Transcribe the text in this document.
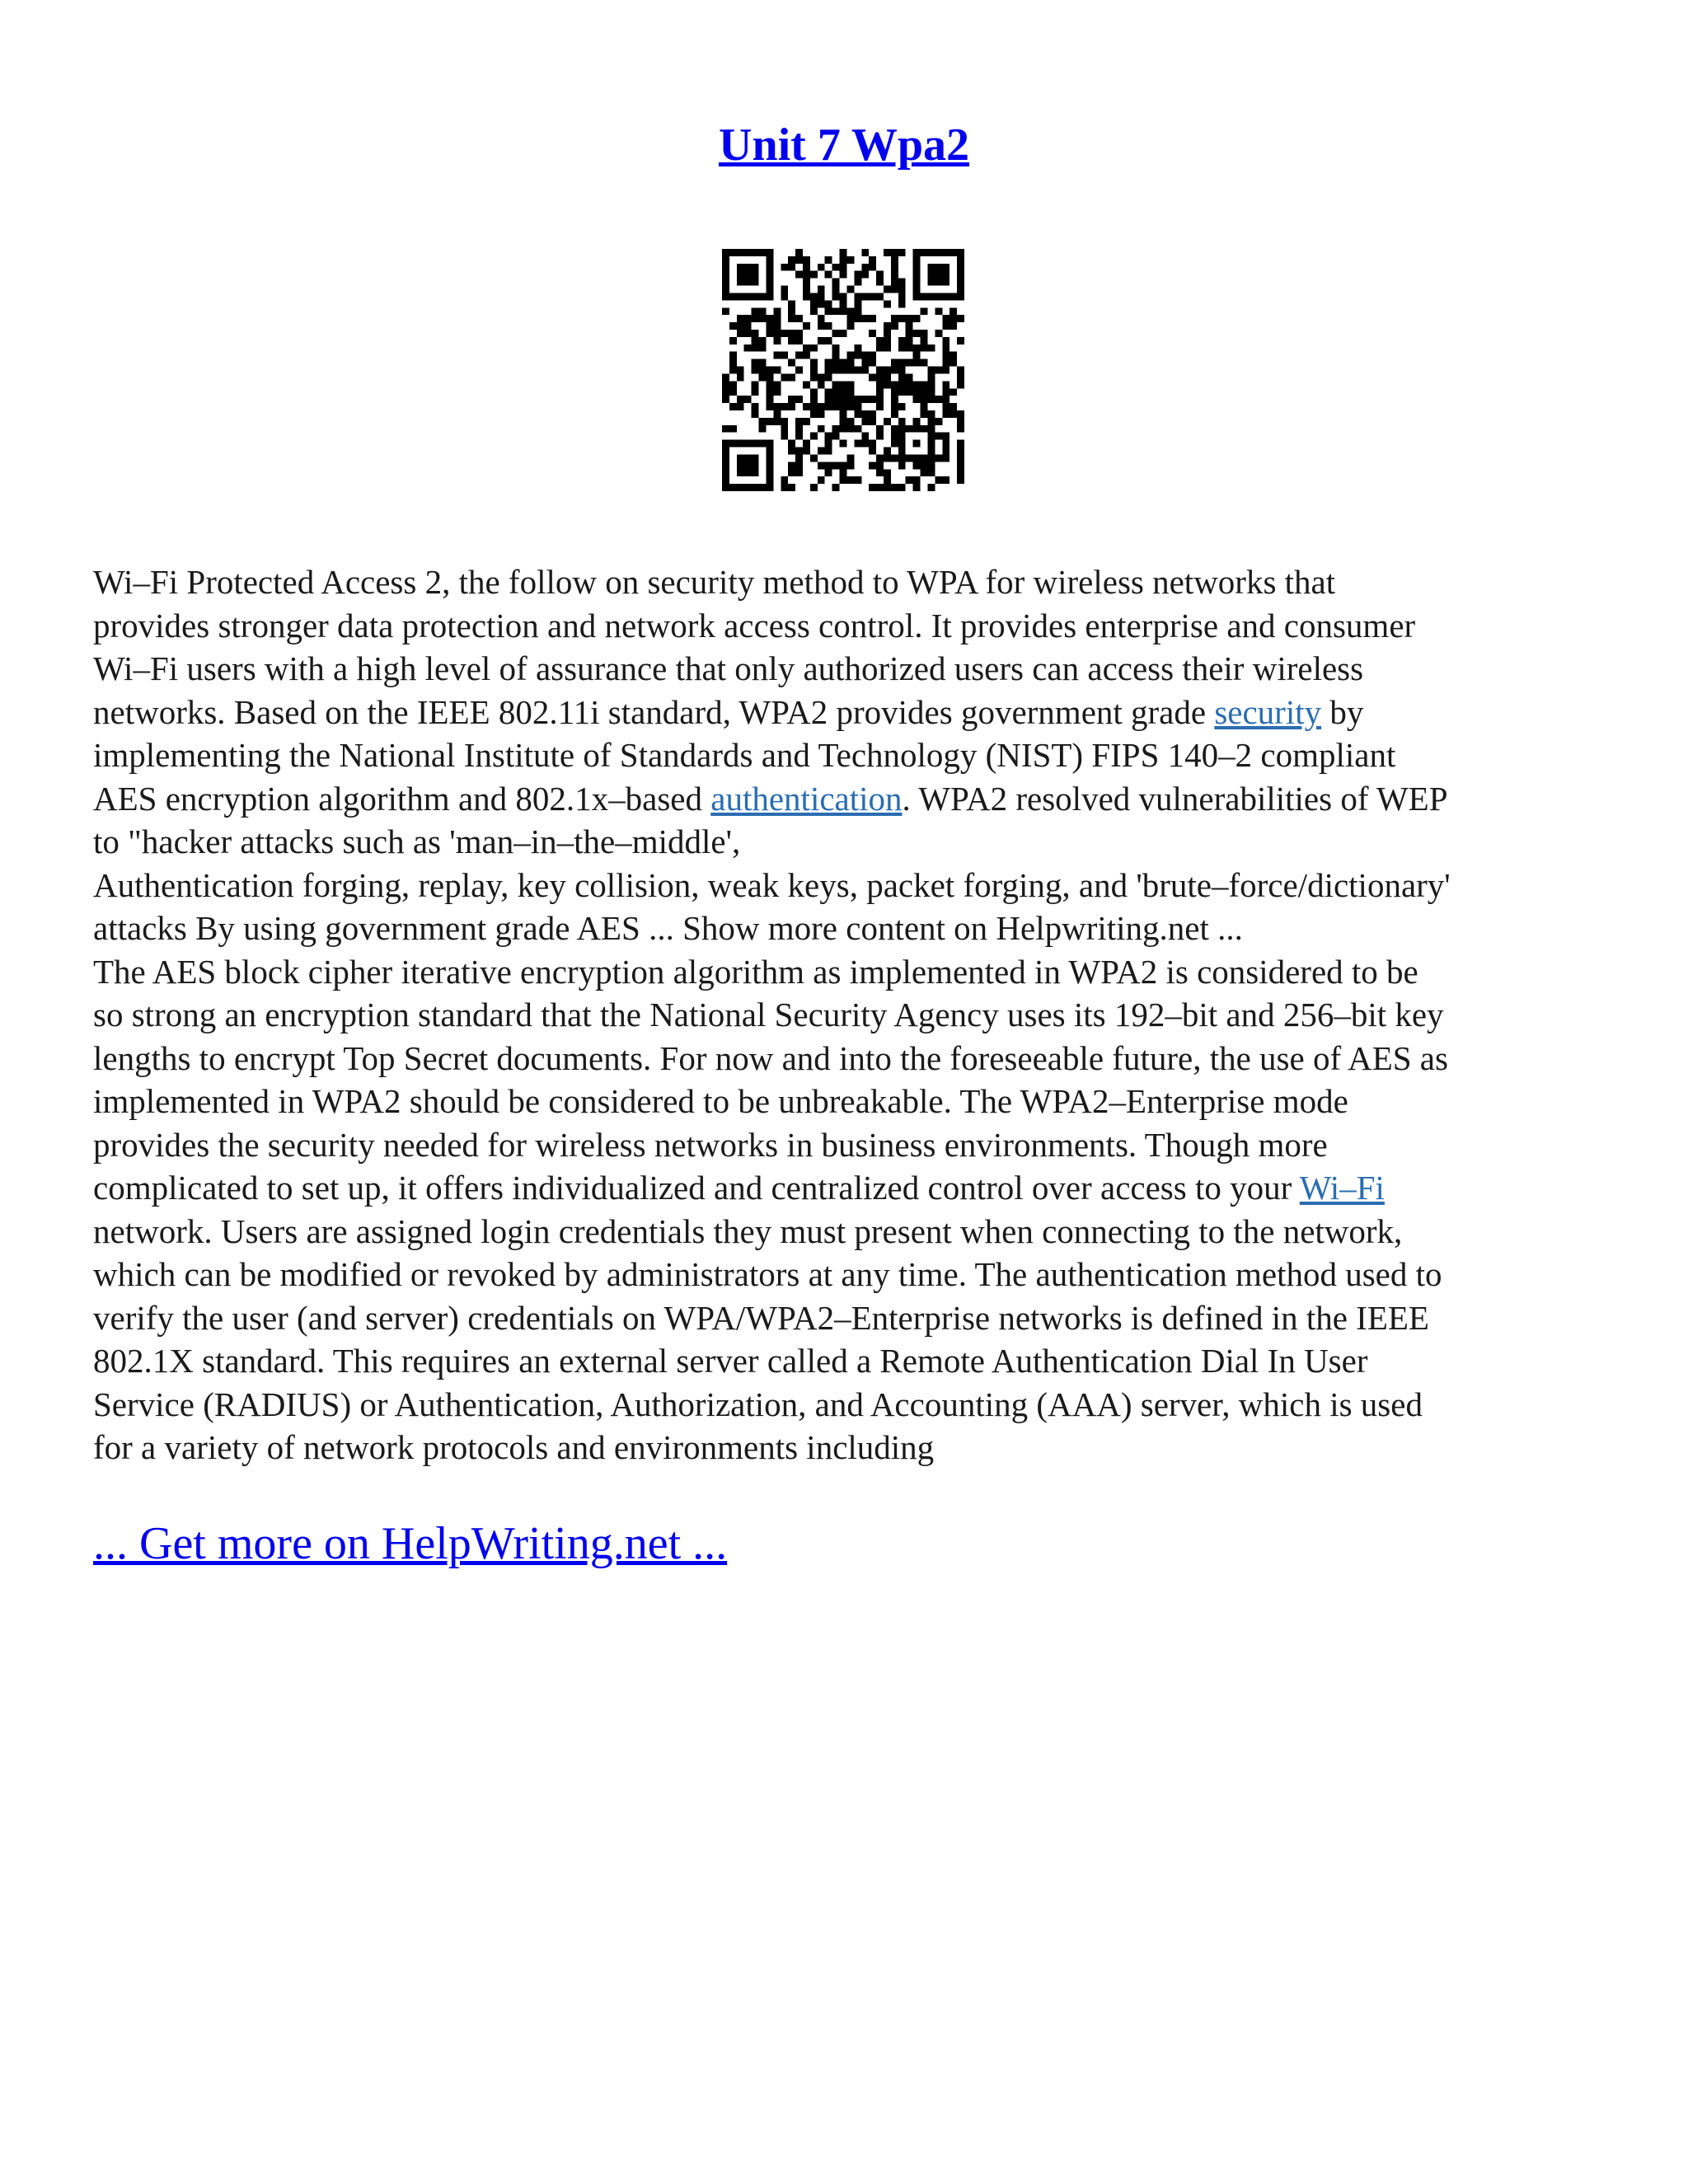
Unit 7 Wpa2

Wi–Fi Protected Access 2, the follow on security method to WPA for wireless networks that
provides stronger data protection and network access control. It provides enterprise and consumer
Wi–Fi users with a high level of assurance that only authorized users can access their wireless
networks. Based on the IEEE 802.11i standard, WPA2 provides government grade security by
implementing the National Institute of Standards and Technology (NIST) FIPS 140–2 compliant
AES encryption algorithm and 802.1x–based authentication. WPA2 resolved vulnerabilities of WEP
to "hacker attacks such as 'man–in–the–middle',

Authentication forging, replay, key collision, weak keys, packet forging, and 'brute–force/dictionary'
attacks By using government grade AES ... Show more content on Helpwriting.net ...

The AES block cipher iterative encryption algorithm as implemented in WPA2 is considered to be
so strong an encryption standard that the National Security Agency uses its 192–bit and 256–bit key
lengths to encrypt Top Secret documents. For now and into the foreseeable future, the use of AES as
implemented in WPA2 should be considered to be unbreakable. The WPA2–Enterprise mode
provides the security needed for wireless networks in business environments. Though more
complicated to set up, it offers individualized and centralized control over access to your Wi–Fi
network. Users are assigned login credentials they must present when connecting to the network,
which can be modified or revoked by administrators at any time. The authentication method used to
verify the user (and server) credentials on WPA/WPA2–Enterprise networks is defined in the IEEE
802.1X standard. This requires an external server called a Remote Authentication Dial In User
Service (RADIUS) or Authentication, Authorization, and Accounting (AAA) server, which is used
for a variety of network protocols and environments including

... Get more on HelpWriting.net ...
